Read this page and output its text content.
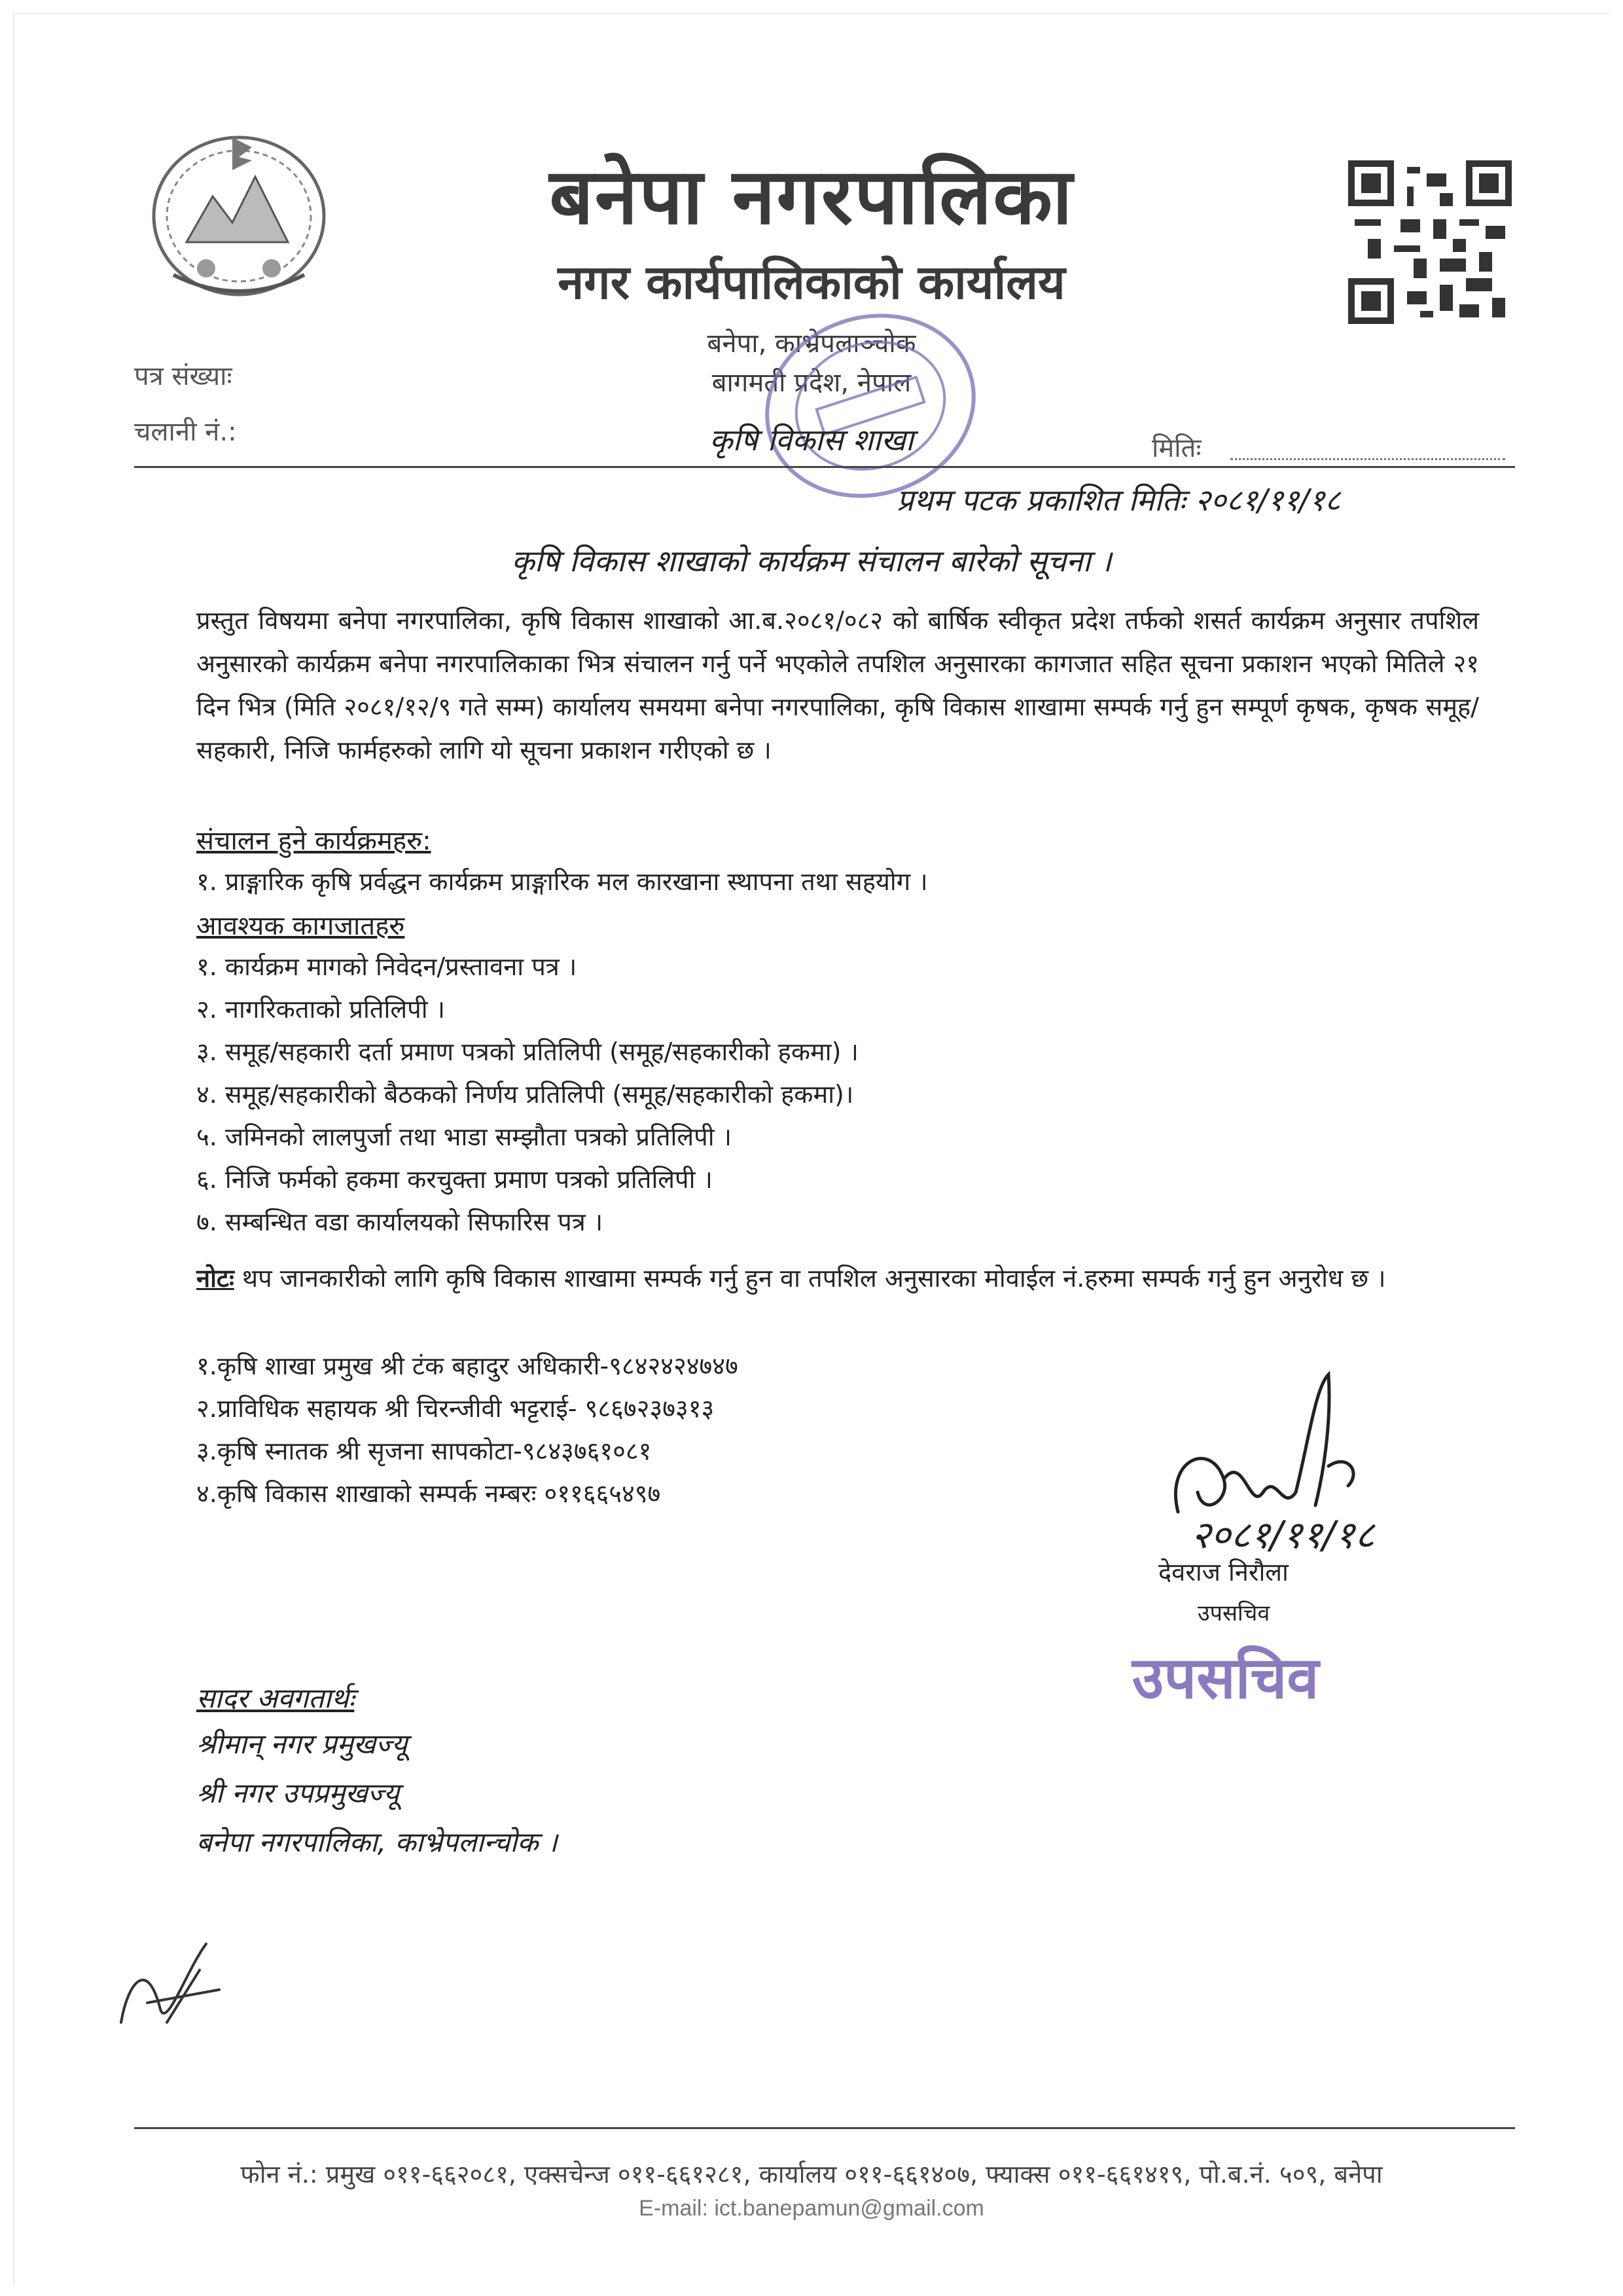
बनेपा नगरपालिका
नगर कार्यपालिकाको कार्यालय
बनेपा, काभ्रेपलाञ्चोक
बागमती प्रदेश, नेपाल
कृषि विकास शाखा
पत्र संख्याः
चलानी नं.:
मितिः
प्रथम पटक प्रकाशित मितिः २०८१/११/१८
कृषि विकास शाखाको कार्यक्रम संचालन बारेको सूचना ।
प्रस्तुत विषयमा बनेपा नगरपालिका, कृषि विकास शाखाको आ.ब.२०८१/०८२ को बार्षिक स्वीकृत प्रदेश तर्फको शसर्त कार्यक्रम अनुसार तपशिल अनुसारको कार्यक्रम बनेपा नगरपालिकाका भित्र संचालन गर्नु पर्ने भएकोले तपशिल अनुसारका कागजात सहित सूचना प्रकाशन भएको मितिले २१ दिन भित्र (मिति २०८१/१२/९ गते सम्म) कार्यालय समयमा बनेपा नगरपालिका, कृषि विकास शाखामा सम्पर्क गर्नु हुन सम्पूर्ण कृषक, कृषक समूह/सहकारी, निजि फार्महरुको लागि यो सूचना प्रकाशन गरीएको छ ।
संचालन हुने कार्यक्रमहरु:
१. प्राङ्गारिक कृषि प्रर्वद्धन कार्यक्रम प्राङ्गारिक मल कारखाना स्थापना तथा सहयोग ।
आवश्यक कागजातहरु
१. कार्यक्रम मागको निवेदन/प्रस्तावना पत्र ।
२. नागरिकताको प्रतिलिपी ।
३. समूह/सहकारी दर्ता प्रमाण पत्रको प्रतिलिपी (समूह/सहकारीको हकमा) ।
४. समूह/सहकारीको बैठकको निर्णय प्रतिलिपी (समूह/सहकारीको हकमा)।
५. जमिनको लालपुर्जा तथा भाडा सम्झौता पत्रको प्रतिलिपी ।
६. निजि फर्मको हकमा करचुक्ता प्रमाण पत्रको प्रतिलिपी ।
७. सम्बन्धित वडा कार्यालयको सिफारिस पत्र ।
नोटः थप जानकारीको लागि कृषि विकास शाखामा सम्पर्क गर्नु हुन वा तपशिल अनुसारका मोवाईल नं.हरुमा सम्पर्क गर्नु हुन अनुरोध छ ।
१.कृषि शाखा प्रमुख श्री टंक बहादुर अधिकारी-९८४२४२४७४७
२.प्राविधिक सहायक श्री चिरन्जीवी भट्टराई- ९८६७२३७३१३
३.कृषि स्नातक श्री सृजना सापकोटा-९८४३७६१०८१
४.कृषि विकास शाखाको सम्पर्क नम्बरः ०११६६५४९७
२०८१/११/१८
देवराज निरौला
उपसचिव
उपसचिव
सादर अवगतार्थः
श्रीमान् नगर प्रमुखज्यू
श्री नगर उपप्रमुखज्यू
बनेपा नगरपालिका, काभ्रेपलान्चोक ।
फोन नं.: प्रमुख ०११-६६२०८१, एक्सचेन्ज ०११-६६१२८१, कार्यालय ०११-६६१४०७, फ्याक्स ०११-६६१४१९, पो.ब.नं. ५०९, बनेपा
E-mail: ict.banepamun@gmail.com
